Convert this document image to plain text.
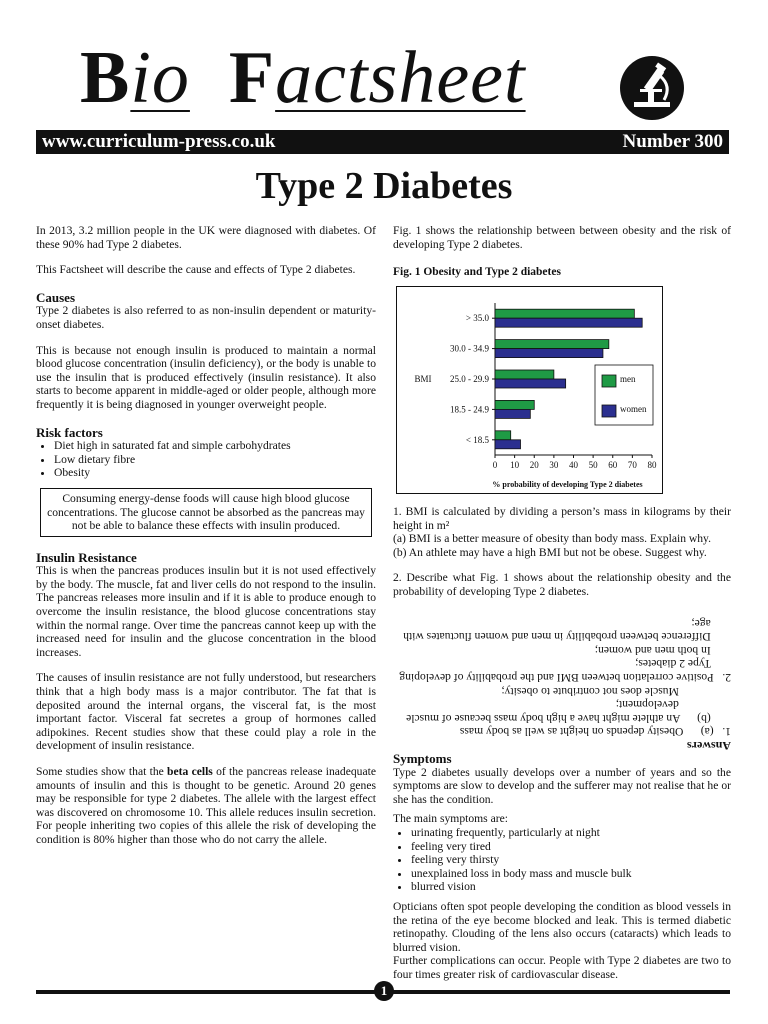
Bio Factsheet
www.curriculum-press.co.uk	Number 300
Type 2 Diabetes

In 2013, 3.2 million people in the UK were diagnosed with diabetes. Of these 90% had Type 2 diabetes.

This Factsheet will describe the cause and effects of Type 2 diabetes.

Causes

Type 2 diabetes is also referred to as non-insulin dependent or maturity-onset diabetes.

This is because not enough insulin is produced to maintain a normal blood glucose concentration (insulin deficiency), or the body is unable to use the insulin that is produced effectively (insulin resistance). It also starts to become apparent in middle-aged or older people, although more frequently it is being diagnosed in younger overweight people.

Risk factors
• Diet high in saturated fat and simple carbohydrates
• Low dietary fibre
• Obesity
Consuming energy-dense foods will cause high blood glucose concentrations. The glucose cannot be absorbed as the pancreas may not be able to balance these effects with insulin produced.
Insulin Resistance

This is when the pancreas produces insulin but it is not used effectively by the body. The muscle, fat and liver cells do not respond to the insulin. The pancreas releases more insulin and if it is able to produce enough to overcome the insulin resistance, the blood glucose concentrations stay within the normal range. Over time the pancreas cannot keep up with the increased need for insulin and the glucose concentration in the blood increases.

The causes of insulin resistance are not fully understood, but researchers think that a high body mass is a major contributor. The fat that is deposited around the internal organs, the visceral fat, is the most important factor. Visceral fat secretes a group of hormones called adipokines. Recent studies show that these could play a role in the development of insulin resistance.

Some studies show that the beta cells of the pancreas release inadequate amounts of insulin and this is thought to be genetic. Around 20 genes may be responsible for type 2 diabetes. The allele with the largest effect was discovered on chromosome 10. This allele reduces insulin secretion. For people inheriting two copies of this allele the risk of developing the condition is 80% higher than those who do not carry the allele.

Fig. 1 shows the relationship between between obesity and the risk of developing Type 2 diabetes.
Fig. 1 Obesity and Type 2 diabetes
0 10 20 30 40 50 60 70 80
< 18.5
18.5 - 24.9
25.0 - 29.9
30.0 - 34.9
> 35.0
BMI
% probability of developing Type 2 diabetes
men
women

1. BMI is calculated by dividing a person’s mass in kilograms by their height in m²

(a) BMI is a better measure of obesity than body mass. Explain why.

(b) An athlete may have a high BMI but not be obese. Suggest why.

2. Describe what Fig. 1 shows about the relationship obesity and the probability of developing Type 2 diabetes.

Answers
1.   (a)      Obesity depends on height as well as body mass
(b)      An athlete might have a high body mass because of muscle
development;
Muscle does not contribute to obesity;
2.   Positive correlation between BMI and the probability of developing
Type 2 diabetes;
In both men and women;
Difference between probability in men and women fluctuates with
age;
Symptoms

Type 2 diabetes usually develops over a number of years and so the symptoms are slow to develop and the sufferer may not realise that he or she has the condition.

The main symptoms are:
• urinating frequently, particularly at night
• feeling very tired
• feeling very thirsty
• unexplained loss in body mass and muscle bulk
• blurred vision

Opticians often spot people developing the condition as blood vessels in the retina of the eye become blocked and leak. This is termed diabetic retinopathy. Clouding of the lens also occurs (cataracts) which leads to blurred vision.

Further complications can occur. People with Type 2 diabetes are two to four times greater risk of cardiovascular disease.

1
